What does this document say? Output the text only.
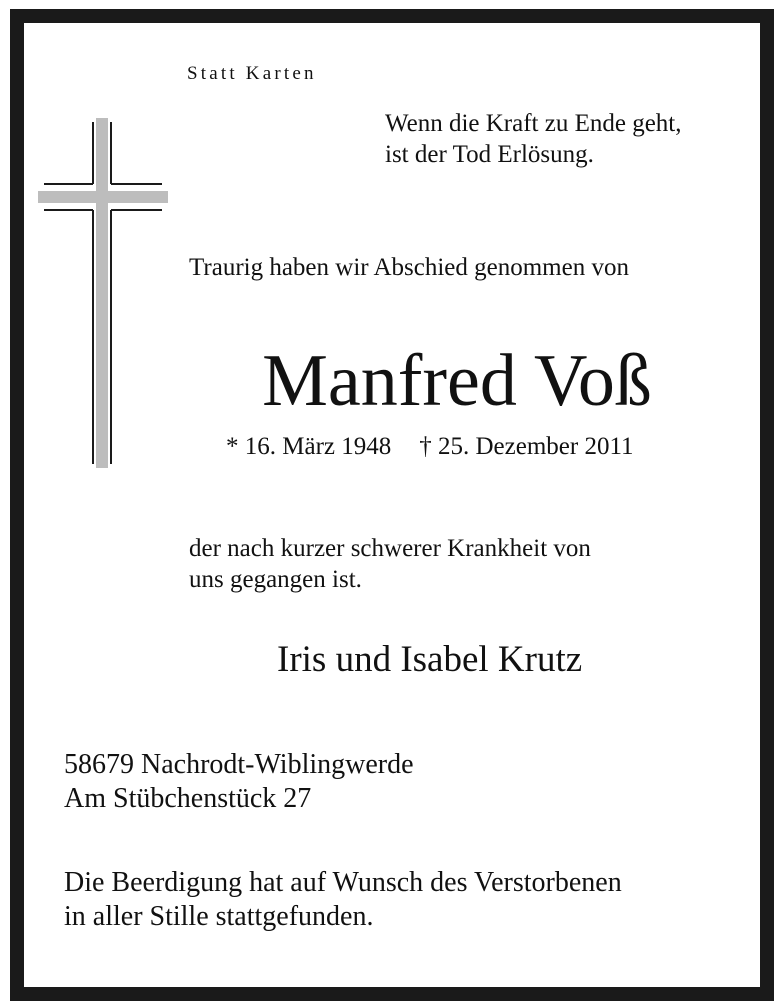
Statt Karten

Wenn die Kraft zu Ende geht,
ist der Tod Erlösung.

Traurig haben wir Abschied genommen von

Manfred Voß

* 16. März 1948 † 25. Dezember 2011

der nach kurzer schwerer Krankheit von
uns gegangen ist.

Iris und Isabel Krutz

58679 Nachrodt-Wiblingwerde
Am Stübchenstück 27
Die Beerdigung hat auf Wunsch des Verstorbenen
in aller Stille stattgefunden.
